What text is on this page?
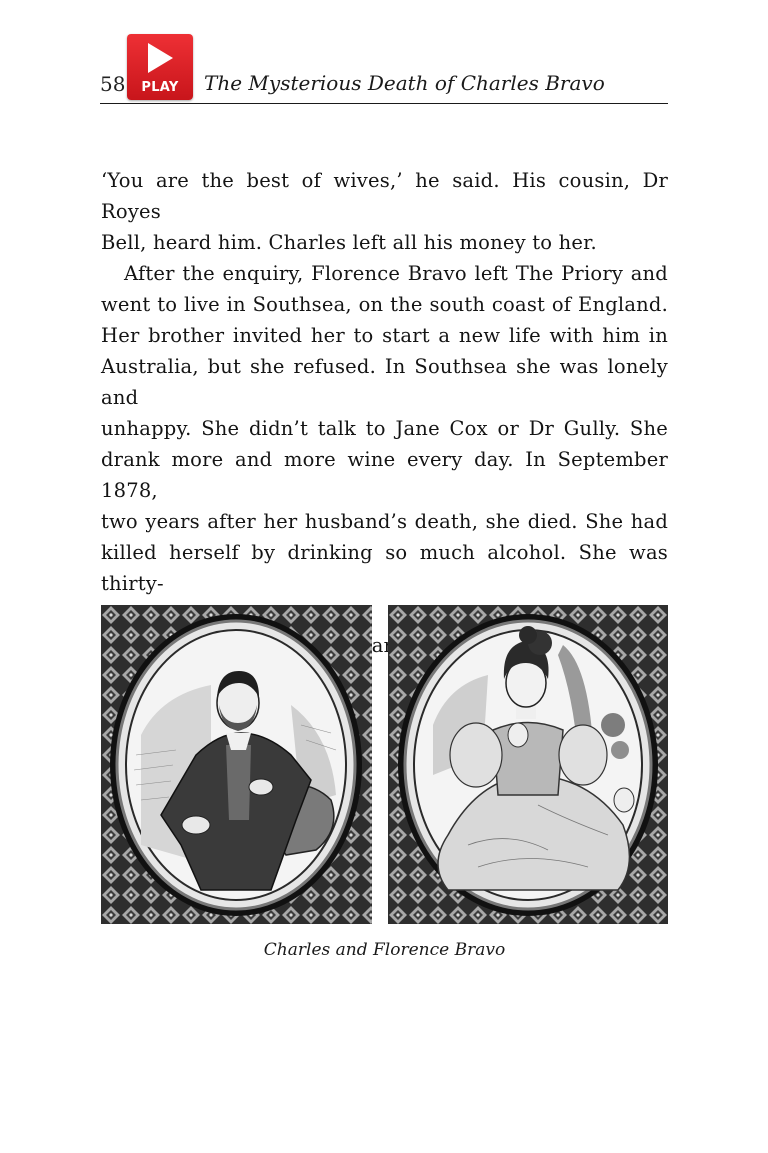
58	PLAY	The Mysterious Death of Charles Bravo

‘You are the best of wives,’ he said. His cousin, Dr Royes
Bell, heard him. Charles left all his money to her.

After the enquiry, Florence Bravo left The Priory and
went to live in Southsea, on the south coast of England.
Her brother invited her to start a new life with him in
Australia, but she refused. In Southsea she was lonely and
unhappy. She didn’t talk to Jane Cox or Dr Gully. She
drank more and more wine every day. In September 1878,
two years after her husband’s death, she died. She had
killed herself by drinking so much alcohol. She was thirty-

Charles and Florence Bravo
